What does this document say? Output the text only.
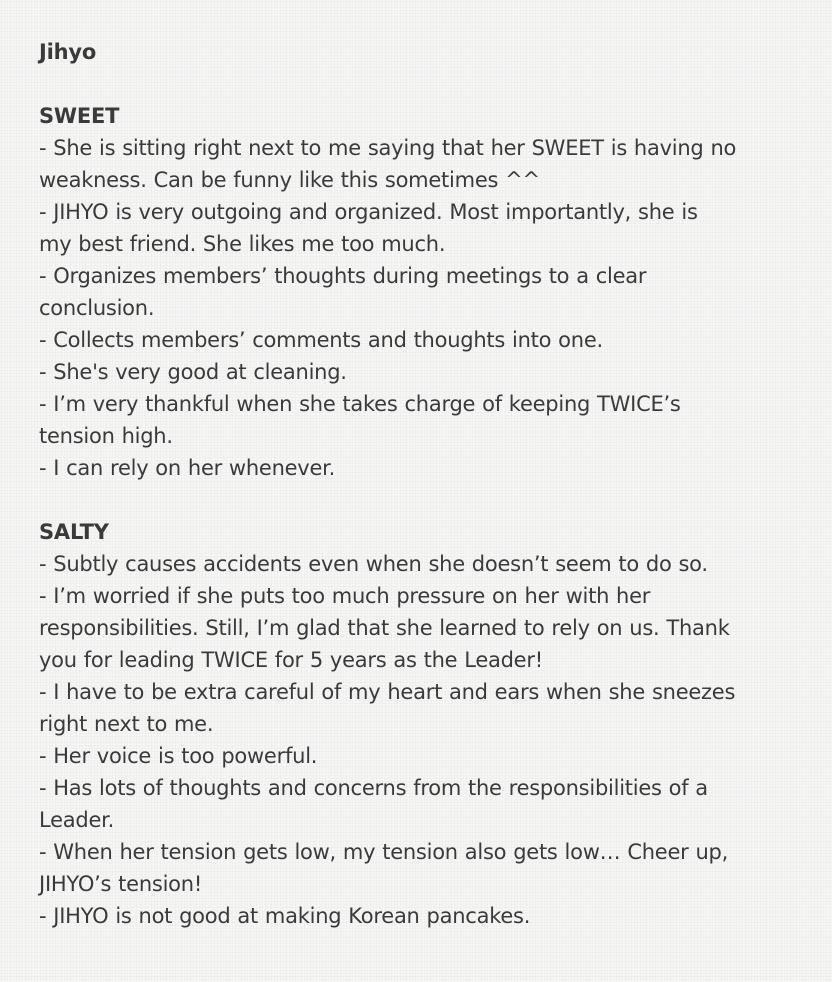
Jihyo

SWEET

- She is sitting right next to me saying that her SWEET is having no
weakness. Can be funny like this sometimes ^^
- JIHYO is very outgoing and organized. Most importantly, she is
my best friend. She likes me too much.
- Organizes members’ thoughts during meetings to a clear
conclusion.
- Collects members’ comments and thoughts into one.
- She's very good at cleaning.
- I’m very thankful when she takes charge of keeping TWICE’s
tension high.
- I can rely on her whenever.

SALTY

- Subtly causes accidents even when she doesn’t seem to do so.
- I’m worried if she puts too much pressure on her with her
responsibilities. Still, I’m glad that she learned to rely on us. Thank
you for leading TWICE for 5 years as the Leader!
- I have to be extra careful of my heart and ears when she sneezes
right next to me.
- Her voice is too powerful.
- Has lots of thoughts and concerns from the responsibilities of a
Leader.
- When her tension gets low, my tension also gets low… Cheer up,
JIHYO’s tension!
- JIHYO is not good at making Korean pancakes.
